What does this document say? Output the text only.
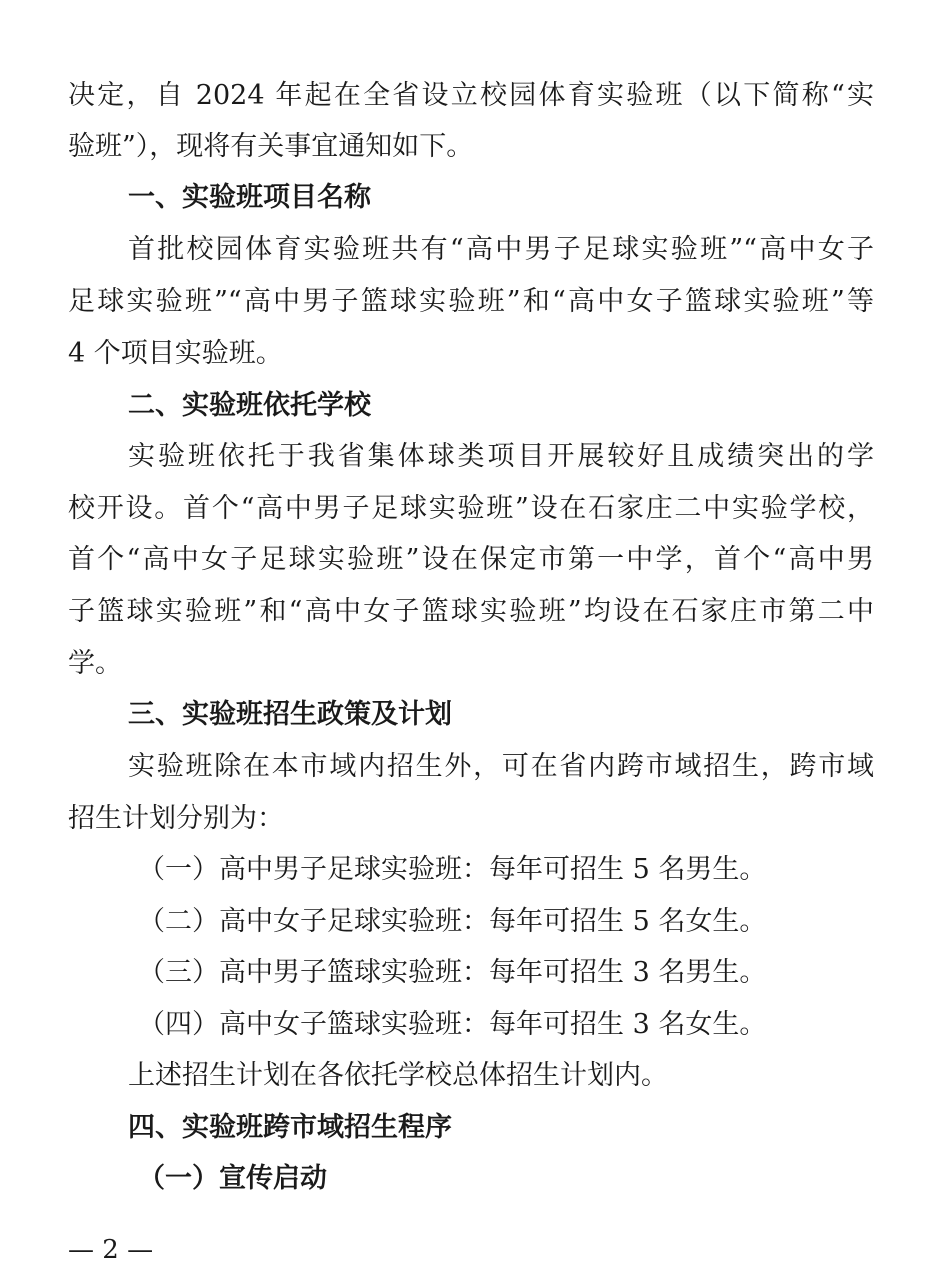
决定，自 2024 年起在全省设立校园体育实验班（以下简称“实
验班”），现将有关事宜通知如下。
一、实验班项目名称
首批校园体育实验班共有“高中男子足球实验班”“高中女子
足球实验班”“高中男子篮球实验班”和“高中女子篮球实验班”等
4 个项目实验班。
二、实验班依托学校
实验班依托于我省集体球类项目开展较好且成绩突出的学
校开设。首个“高中男子足球实验班”设在石家庄二中实验学校，
首个“高中女子足球实验班”设在保定市第一中学，首个“高中男
子篮球实验班”和“高中女子篮球实验班”均设在石家庄市第二中
学。
三、实验班招生政策及计划
实验班除在本市域内招生外，可在省内跨市域招生，跨市域
招生计划分别为：
（一）高中男子足球实验班：每年可招生 5 名男生。
（二）高中女子足球实验班：每年可招生 5 名女生。
（三）高中男子篮球实验班：每年可招生 3 名男生。
（四）高中女子篮球实验班：每年可招生 3 名女生。
上述招生计划在各依托学校总体招生计划内。
四、实验班跨市域招生程序
（一）宣传启动
— 2 —
